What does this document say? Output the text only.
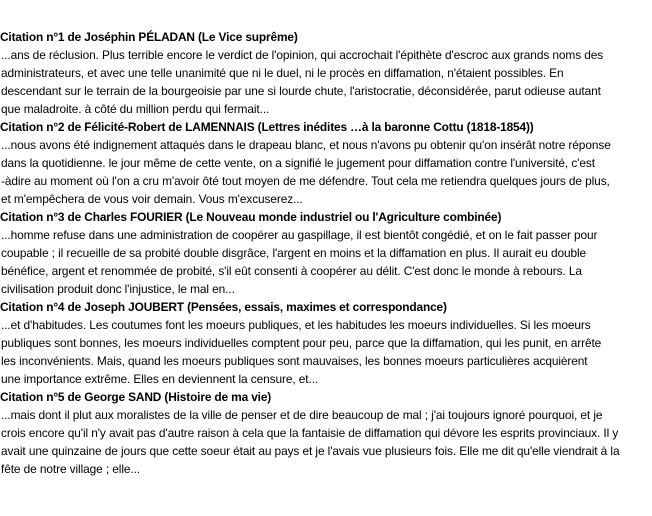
Citation n°1 de Joséphin PÉLADAN (Le Vice suprême)
...ans de réclusion. Plus terrible encore le verdict de l'opinion, qui accrochait l'épithète d'escroc aux grands noms des
administrateurs, et avec une telle unanimité que ni le duel, ni le procès en diffamation, n'étaient possibles. En
descendant sur le terrain de la bourgeoisie par une si lourde chute, l'aristocratie, déconsidérée, parut odieuse autant
que maladroite. à côté du million perdu qui fermait...
Citation n°2 de Félicité-Robert de LAMENNAIS (Lettres inédites …à la baronne Cottu (1818-1854))
...nous avons été indignement attaqués dans le drapeau blanc, et nous n'avons pu obtenir qu'on insérât notre réponse
dans la quotidienne. le jour même de cette vente, on a signifié le jugement pour diffamation contre l'université, c'est
-àdire au moment où l'on a cru m'avoir ôté tout moyen de me défendre. Tout cela me retiendra quelques jours de plus,
et m'empêchera de vous voir demain. Vous m'excuserez...
Citation n°3 de Charles FOURIER (Le Nouveau monde industriel ou l'Agriculture combinée)
...homme refuse dans une administration de coopérer au gaspillage, il est bientôt congédié, et on le fait passer pour
coupable ; il recueille de sa probité double disgrâce, l'argent en moins et la diffamation en plus. Il aurait eu double
bénéfice, argent et renommée de probité, s'il eût consenti à coopérer au délit. C'est donc le monde à rebours. La
civilisation produit donc l'injustice, le mal en...
Citation n°4 de Joseph JOUBERT (Pensées, essais, maximes et correspondance)
...et d'habitudes. Les coutumes font les moeurs publiques, et les habitudes les moeurs individuelles. Si les moeurs
publiques sont bonnes, les moeurs individuelles comptent pour peu, parce que la diffamation, qui les punit, en arrête
les inconvénients. Mais, quand les moeurs publiques sont mauvaises, les bonnes moeurs particulières acquièrent
une importance extrême. Elles en deviennent la censure, et...
Citation n°5 de George SAND (Histoire de ma vie)
...mais dont il plut aux moralistes de la ville de penser et de dire beaucoup de mal ; j'ai toujours ignoré pourquoi, et je
crois encore qu'il n'y avait pas d'autre raison à cela que la fantaisie de diffamation qui dévore les esprits provinciaux. Il y
avait une quinzaine de jours que cette soeur était au pays et je l'avais vue plusieurs fois. Elle me dit qu'elle viendrait à la
fête de notre village ; elle...
